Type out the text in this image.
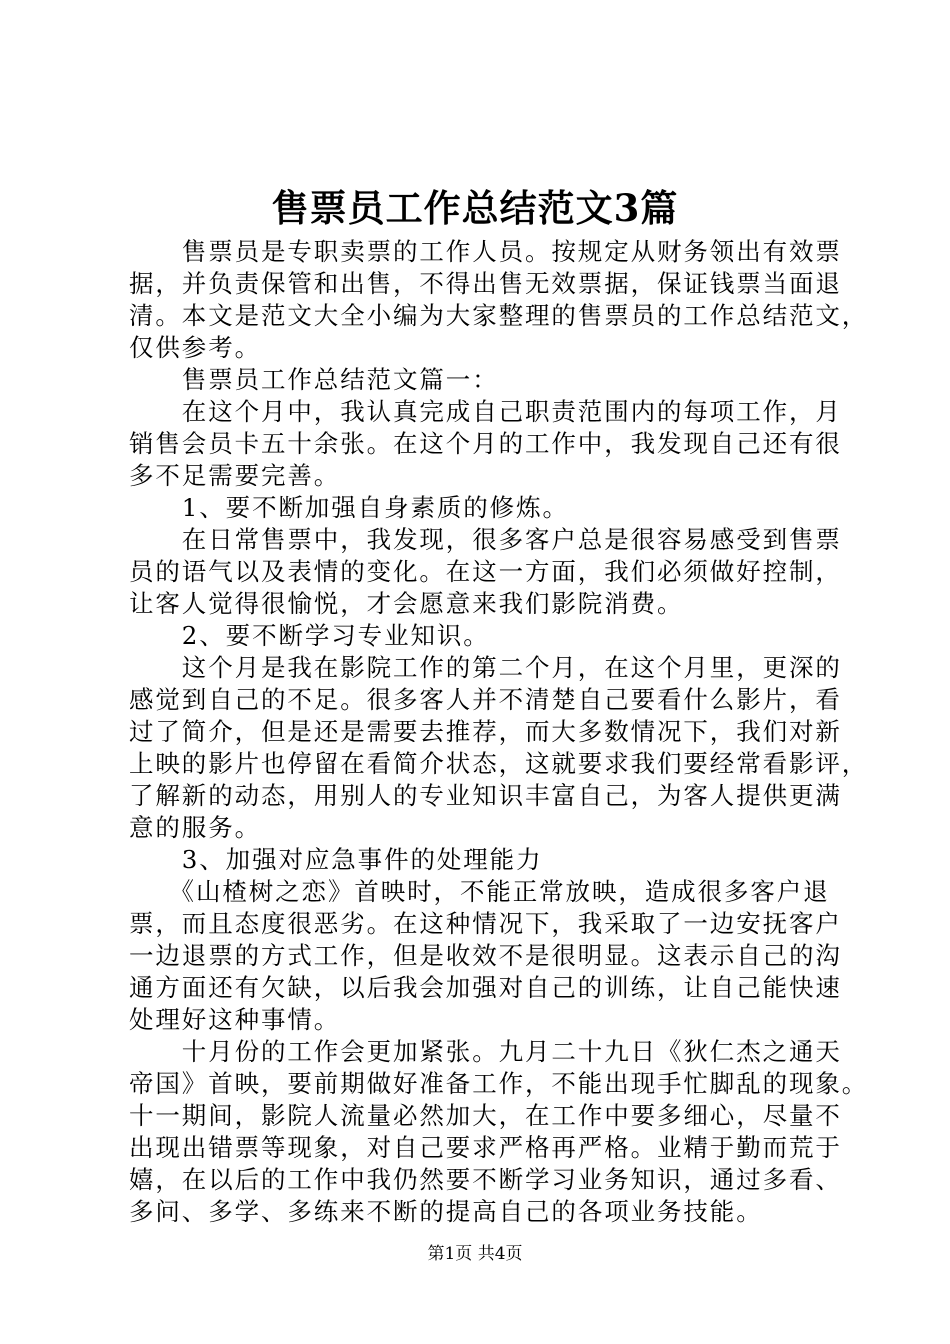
售票员工作总结范文3篇
　　售票员是专职卖票的工作人员。按规定从财务领出有效票
据，并负责保管和出售，不得出售无效票据，保证钱票当面退
清。本文是范文大全小编为大家整理的售票员的工作总结范文，
仅供参考。
　　售票员工作总结范文篇一：
　　在这个月中，我认真完成自己职责范围内的每项工作，月
销售会员卡五十余张。在这个月的工作中，我发现自己还有很
多不足需要完善。
　　1、要不断加强自身素质的修炼。
　　在日常售票中，我发现，很多客户总是很容易感受到售票
员的语气以及表情的变化。在这一方面，我们必须做好控制，
让客人觉得很愉悦，才会愿意来我们影院消费。
　　2、要不断学习专业知识。
　　这个月是我在影院工作的第二个月，在这个月里，更深的
感觉到自己的不足。很多客人并不清楚自己要看什么影片，看
过了简介，但是还是需要去推荐，而大多数情况下，我们对新
上映的影片也停留在看简介状态，这就要求我们要经常看影评，
了解新的动态，用别人的专业知识丰富自己，为客人提供更满
意的服务。
　　3、加强对应急事件的处理能力
　　《山楂树之恋》首映时，不能正常放映，造成很多客户退
票，而且态度很恶劣。在这种情况下，我采取了一边安抚客户
一边退票的方式工作，但是收效不是很明显。这表示自己的沟
通方面还有欠缺，以后我会加强对自己的训练，让自己能快速
处理好这种事情。
　　十月份的工作会更加紧张。九月二十九日《狄仁杰之通天
帝国》首映，要前期做好准备工作，不能出现手忙脚乱的现象。
十一期间，影院人流量必然加大，在工作中要多细心，尽量不
出现出错票等现象，对自己要求严格再严格。业精于勤而荒于
嬉，在以后的工作中我仍然要不断学习业务知识，通过多看、
多问、多学、多练来不断的提高自己的各项业务技能。
第1页 共4页
